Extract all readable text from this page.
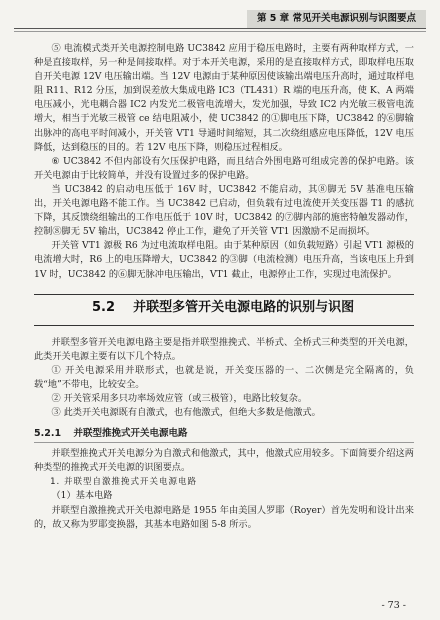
第 5 章 常见开关电源识别与识图要点

⑤ 电流模式类开关电源控制电路 UC3842 应用于稳压电路时，主要有两种取样方式，一种是直接取样，另一种是间接取样。对于本开关电源，采用的是直接取样方式，即取样电压取自开关电源 12V 电压输出端。当 12V 电源由于某种原因使该输出端电压升高时，通过取样电阻 R11、R12 分压，加到误差放大集成电路 IC3（TL431）R 端的电压升高，使 K、A 两端电压减小，光电耦合器 IC2 内发光二极管电流增大，发光加强，导致 IC2 内光敏三极管电流增大，相当于光敏三极管 ce 结电阻减小，使 UC3842 的①脚电压下降，UC3842 的⑥脚输出脉冲的高电平时间减小，开关管 VT1 导通时间缩短，其二次绕组感应电压降低，12V 电压降低，达到稳压的目的。若 12V 电压下降，则稳压过程相反。

⑥ UC3842 不但内部设有欠压保护电路，而且结合外围电路可组成完善的保护电路。该开关电源由于比较简单，并没有设置过多的保护电路。

当 UC3842 的启动电压低于 16V 时，UC3842 不能启动，其⑧脚无 5V 基准电压输出，开关电源电路不能工作。当 UC3842 已启动，但负载有过电流使开关变压器 T1 的感抗下降，其反馈绕组输出的工作电压低于 10V 时，UC3842 的⑦脚内部的施密特触发器动作，控制⑧脚无 5V 输出，UC3842 停止工作，避免了开关管 VT1 因激励不足而损坏。

开关管 VT1 源极 R6 为过电流取样电阻。由于某种原因（如负载短路）引起 VT1 源极的电流增大时，R6 上的电压降增大，UC3842 的③脚（电流检测）电压升高，当该电压上升到 1V 时，UC3842 的⑥脚无脉冲电压输出，VT1 截止，电源停止工作，实现过电流保护。

5.2 并联型多管开关电源电路的识别与识图

并联型多管开关电源电路主要是指并联型推挽式、半桥式、全桥式三种类型的开关电源，此类开关电源主要有以下几个特点。

① 开关电源采用并联形式，也就是说，开关变压器的一、二次侧是完全隔离的，负载“地”不带电，比较安全。

② 开关管采用多只功率场效应管（或三极管），电路比较复杂。

③ 此类开关电源既有自激式，也有他激式，但绝大多数是他激式。

5.2.1 并联型推挽式开关电源电路

并联型推挽式开关电源分为自激式和他激式，其中，他激式应用较多。下面简要介绍这两种类型的推挽式开关电源的识图要点。

1. 并联型自激推挽式开关电源电路

（1）基本电路

并联型自激推挽式开关电源电路是 1955 年由美国人罗耶（Royer）首先发明和设计出来的，故又称为罗耶变换器，其基本电路如图 5-8 所示。

- 73 -
